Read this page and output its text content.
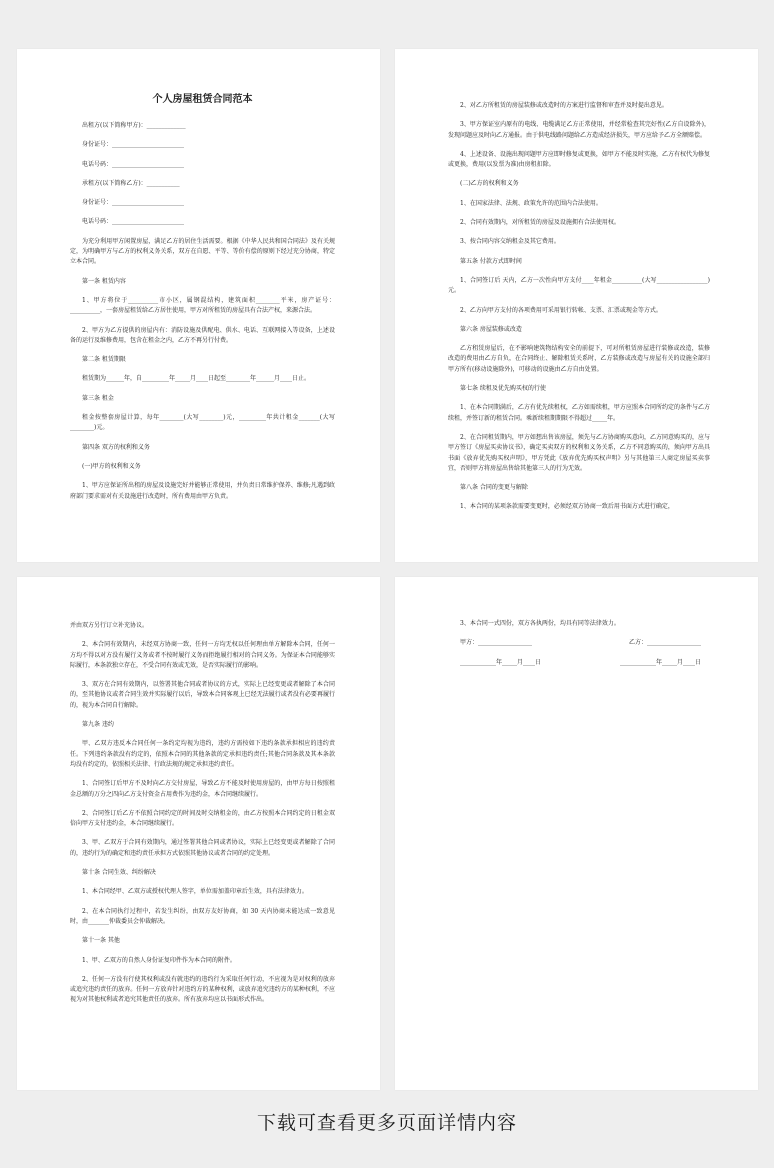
个人房屋租赁合同范本
出租方(以下简称甲方)：_____________
身份证号：________________________
电话号码：________________________
承租方(以下简称乙方)：___________
身份证号：________________________
电话号码：________________________
为充分利用甲方闲置房屋，满足乙方的居住生活需要。根据《中华人民共和国合同法》及有关规定，为明确甲方与乙方的权利义务关系，双方在自愿、平等、等价有偿的原则下经过充分协商，特定立本合同。
第一条 租赁内容
1、甲方将位于__________市小区，属钢混结构，建筑面积________平米，房产证号：__________，一套房屋租赁给乙方居住使用，甲方对所租赁的房屋具有合法产权，来源合法。
2、甲方为乙方提供的房屋内有：消防设施及供配电、供水、电话、互联网接入等设备，上述设备的运行及维修费用，包含在租金之内，乙方不再另行付费。
第二条 租赁期限
租赁期为______年，自_________年_____月____日起至________年______月____日止。
第三条 租金
租金按整套房屋计算，每年________(大写________)元，_________年共计租金_______(大写________)元。
第四条 双方的权利和义务
(一)甲方的权利和义务
1、甲方应保证所出租的房屋及设施完好并能够正常使用，并负责日常维护保养、维修;凡遇到政府部门要求需对有关设施进行改造时，所有费用由甲方负责。
2、对乙方所租赁的房屋装修或改造时的方案进行监督和审查并及时提出意见。
3、甲方保证室内原有的电线、电缆满足乙方正常使用，并经常检查其完好性(乙方自设除外)，发现问题应及时向乙方通报。由于供电线路问题给乙方造成经济损失，甲方应给予乙方全额赔偿。
4、上述设备、设施出现问题甲方应即时修复或更换，如甲方不能及时实施，乙方有权代为修复或更换，费用(以发票为准)由房租扣除。
(二)乙方的权利和义务
1、在国家法律、法规、政策允许的范围内合法使用。
2、合同有效期内，对所租赁的房屋及设施拥有合法使用权。
3、按合同内容交纳租金及其它费用。
第五条 付款方式即时间
1、合同签订后 天内，乙方一次性向甲方支付____年租金__________(大写_________________)元。
2、乙方向甲方支付的各项费用可采用银行转帐、支票、汇票或现金等方式。
第六条 房屋装修或改造
乙方租赁房屋后，在不影响建筑物结构安全的前提下，可对所租赁房屋进行装修或改造，装修改造的费用由乙方自负，在合同终止、解除租赁关系时，乙方装修或改造与房屋有关的设施全部归甲方所有(移动设施除外)，可移动的设施由乙方自由处置。
第七条 续租及优先购买权的行使
1、在本合同期满后，乙方有优先续租权，乙方如需续租，甲方应照本合同所约定的条件与乙方续租，并签订新的租赁合同。乘新续租期期限不得超过_____年。
2、在合同租赁期内，甲方如想出售该房屋，须先与乙方协商购买意向，乙方同意购买的，应与甲方签订《房屋买卖协议书》，确定买卖双方的权利和义务关系，乙方不同意购买的，须向甲方出具书面《放弃优先购买权声明》，甲方凭此《放弃优先购买权声明》另与其他第三人商定房屋买卖事宜，否则甲方将房屋出售给其他第三人的行为无效。
第八条 合同的变更与解除
1、本合同的某项条款需要变更时，必须经双方协商一致后用书面方式进行确定，
并由双方另行订立补充协议。
2、本合同有效期内，未经双方协商一致，任何一方均无权以任何理由单方解除本合同，任何一方均不得以对方没有履行义务或者不按时履行义务而拒绝履行相对的合同义务。为保证本合同能够实际履行，本条款独立存在，不受合同有效或无效，是否实际履行的影响。
3、双方在合同有效期内，以签署其他合同或者协议的方式，实际上已经变更或者解除了本合同的，至其他协议或者合同生效并实际履行以后，导致本合同客观上已经无法履行或者没有必要再履行的，视为本合同自行解除。
第九条 违约
甲、乙双方违反本合同任何一条约定均视为违约，违约方需按如下违约条款承担相应的违约责任。下列违约条款没有约定的，依照本合同的其他条款的定承担违约责任;其他合同条款及其本条款均没有约定的，依照相关法律、行政法规的规定承担违约责任。
1、合同签订后甲方不及时向乙方交付房屋，导致乙方不能及时使用房屋的，由甲方每日按照租金总额的万分之四向乙方支付资金占用费作为违约金，本合同继续履行。
2、合同签订后乙方不依照合同约定的时间及时交纳租金的，由乙方按照本合同约定的日租金双倍向甲方支付违约金，本合同继续履行。
3、甲、乙双方于合同有效期内，通过签署其他合同或者协议，实际上已经变更或者解除了合同的，违约行为的确定和违约责任承担方式依照其他协议或者合同的约定处理。
第十条 合同生效、纠纷解决
1、本合同经甲、乙双方或授权代理人签字，单位需加盖印章后生效，具有法律效力。
2、在本合同执行过程中，若发生纠纷，由双方友好协商，如 30 天内协商未能达成一致意见时，由_______仲裁委员会仲裁解决。
第十一条 其他
1、甲、乙双方的自然人身份证复印件作为本合同的附件。
2、任何一方没有行使其权利或没有就违约的违约行为采取任何行动，不应视为是对权利的放弃或追究违约责任的放弃。任何一方放弃针对违约方的某种权利，或放弃追究违约方的某种权利，不应视为对其他权利或者追究其他责任的放弃。所有放弃均应以书面形式作出。
3、本合同一式四份，双方各执两份，均具有同等法律效力。
甲方：__________________	乙方：__________________
____________年_____月____日	____________年_____月____日
下载可查看更多页面详情内容
